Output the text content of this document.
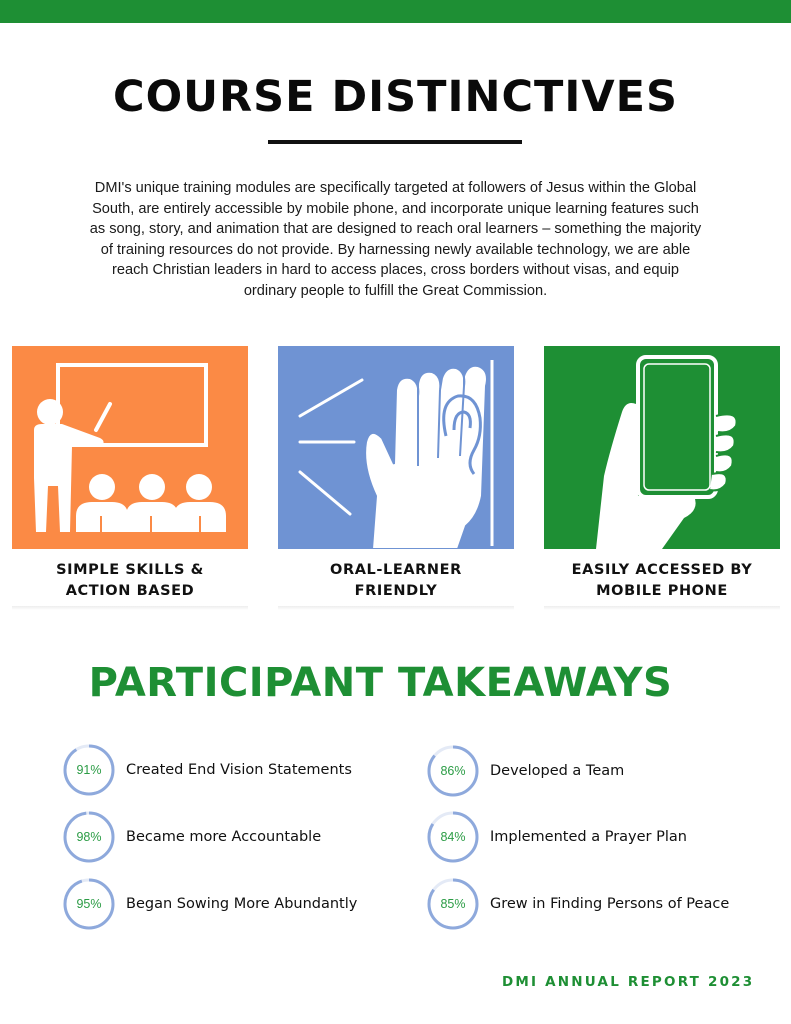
COURSE DISTINCTIVES

DMI's unique training modules are specifically targeted at followers of Jesus within the Global South, are entirely accessible by mobile phone, and incorporate unique learning features such as song, story, and animation that are designed to reach oral learners – something the majority of training resources do not provide. By harnessing newly available technology, we are able reach Christian leaders in hard to access places, cross borders without visas, and equip ordinary people to fulfill the Great Commission.

SIMPLE SKILLS &
ACTION BASED

ORAL-LEARNER
FRIENDLY

EASILY ACCESSED BY
MOBILE PHONE

PARTICIPANT TAKEAWAYS
91%	Created End Vision Statements	86%	Developed a Team
98%	Became more Accountable	84%	Implemented a Prayer Plan
95%	Began Sowing More Abundantly	85%	Grew in Finding Persons of Peace

DMI ANNUAL REPORT 2023
